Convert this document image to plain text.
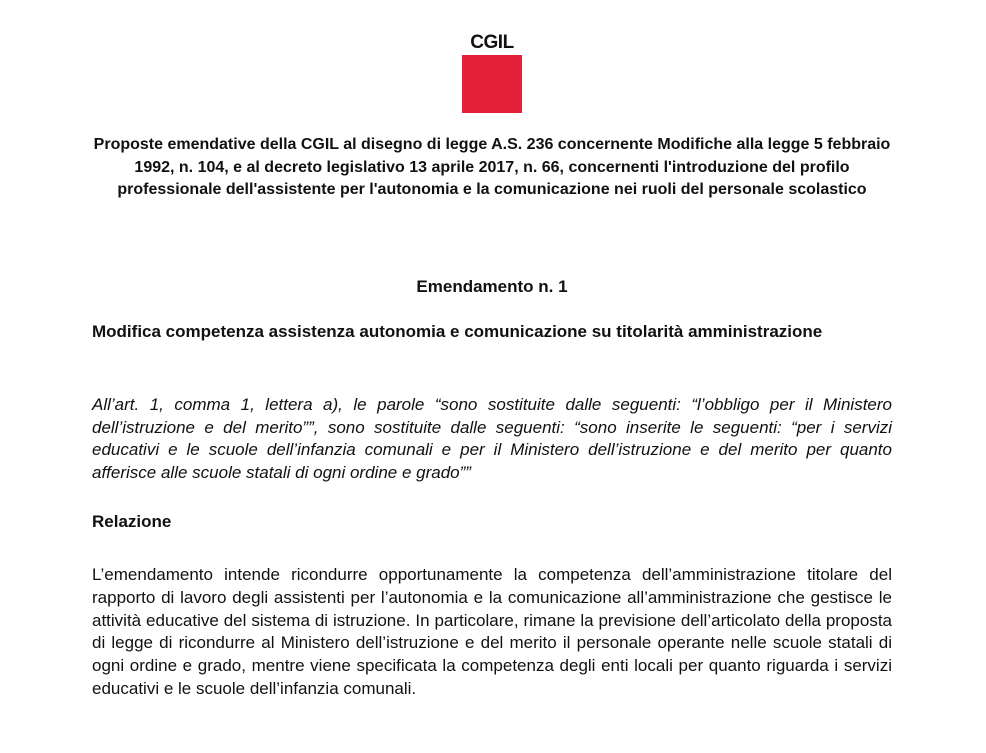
CGIL

Proposte emendative della CGIL al disegno di legge A.S. 236 concernente Modifiche alla legge 5 febbraio 1992, n. 104, e al decreto legislativo 13 aprile 2017, n. 66, concernenti l'introduzione del profilo professionale dell'assistente per l'autonomia e la comunicazione nei ruoli del personale scolastico

Emendamento n. 1

Modifica competenza assistenza autonomia e comunicazione su titolarità amministrazione

All’art. 1, comma 1, lettera a), le parole “sono sostituite dalle seguenti: “l’obbligo per il Ministero dell’istruzione e del merito””, sono sostituite dalle seguenti: “sono inserite le seguenti: “per i servizi educativi e le scuole dell’infanzia comunali e per il Ministero dell’istruzione e del merito per quanto afferisce alle scuole statali di ogni ordine e grado””

Relazione

L’emendamento intende ricondurre opportunamente la competenza dell’amministrazione titolare del rapporto di lavoro degli assistenti per l’autonomia e la comunicazione all’amministrazione che gestisce le attività educative del sistema di istruzione. In particolare, rimane la previsione dell’articolato della proposta di legge di ricondurre al Ministero dell’istruzione e del merito il personale operante nelle scuole statali di ogni ordine e grado, mentre viene specificata la competenza degli enti locali per quanto riguarda i servizi educativi e le scuole dell’infanzia comunali.
